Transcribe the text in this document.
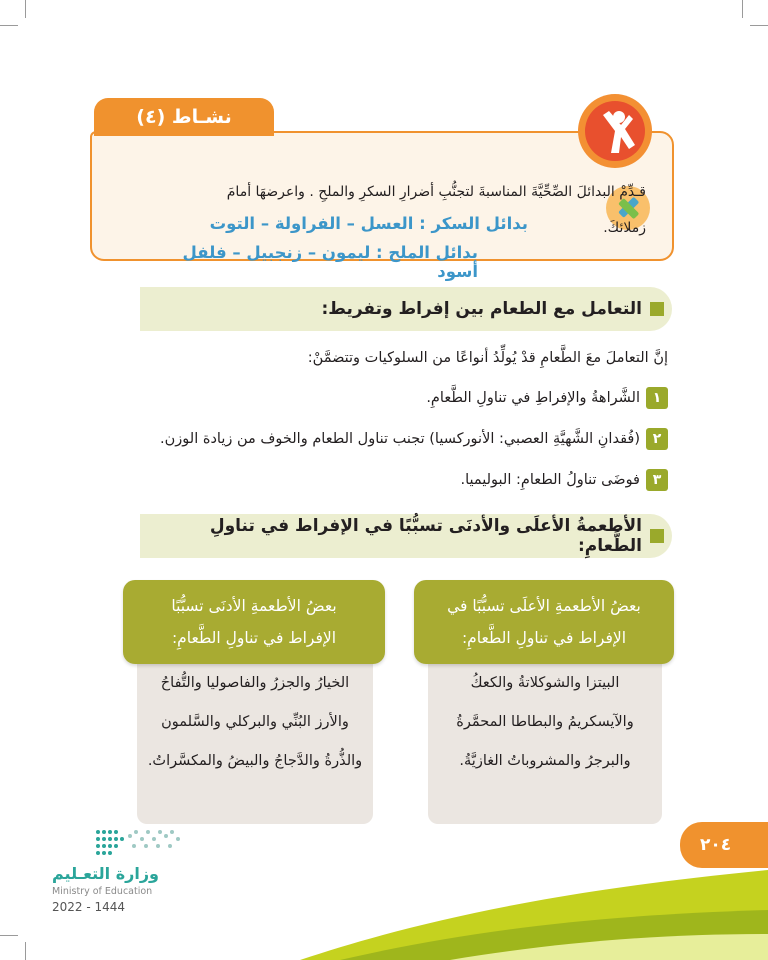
نشـاط (٤)
قـدِّمْ البدائلَ الصِّحِّيَّةَ المناسبةَ لتجنُّبِ أضرارِ السكرِ والملحِ . واعرضهَا أمامَ
زملائكَ.
بدائل السكر : العسل – الفراولة – التوت
بدائل الملح : ليمون – زنجبيل – فلفل أسود
التعامل مع الطعام بين إفراط وتفريط:
إنَّ التعاملَ معَ الطَّعامِ قدْ يُولِّدُ أنواعًا من السلوكيات وتتضمَّنْ:
١الشَّراهةُ والإفراطِ في تناولِ الطَّعامِ.
٢(فُقدانِ الشَّهيَّةِ العصبي: الأنوركسيا) تجنب تناول الطعام والخوف من زيادة الوزن.
٣فوضَى تناولُ الطعامِ: البوليميا.
الأطعمةُ الأعلَى والأدنَى تسبُّبًا في الإفراط في تناولِ الطَّعامِ:
الخيارُ والجزرُ والفاصوليا والتُّفاحُ
والأرز البُنِّي والبركلي والسَّلمون
والذُّرةُ والدَّجاجُ والبيضُ والمكسَّراتُ.
بعضُ الأطعمةِ الأدنَى تسبُّبًا
الإفراط في تناولِ الطَّعامِ:
البيتزا والشوكلاتةُ والكعكُ
والآيسكريمُ والبطاطا المحمَّرةُ
والبرجرُ والمشروباتُ الغازيَّةُ.
بعضُ الأطعمةِ الأعلَى تسبُّبًا في
الإفراط في تناولِ الطَّعامِ:
٢٠٤
وزارة التعـليم
Ministry of Education
2022 - 1444
